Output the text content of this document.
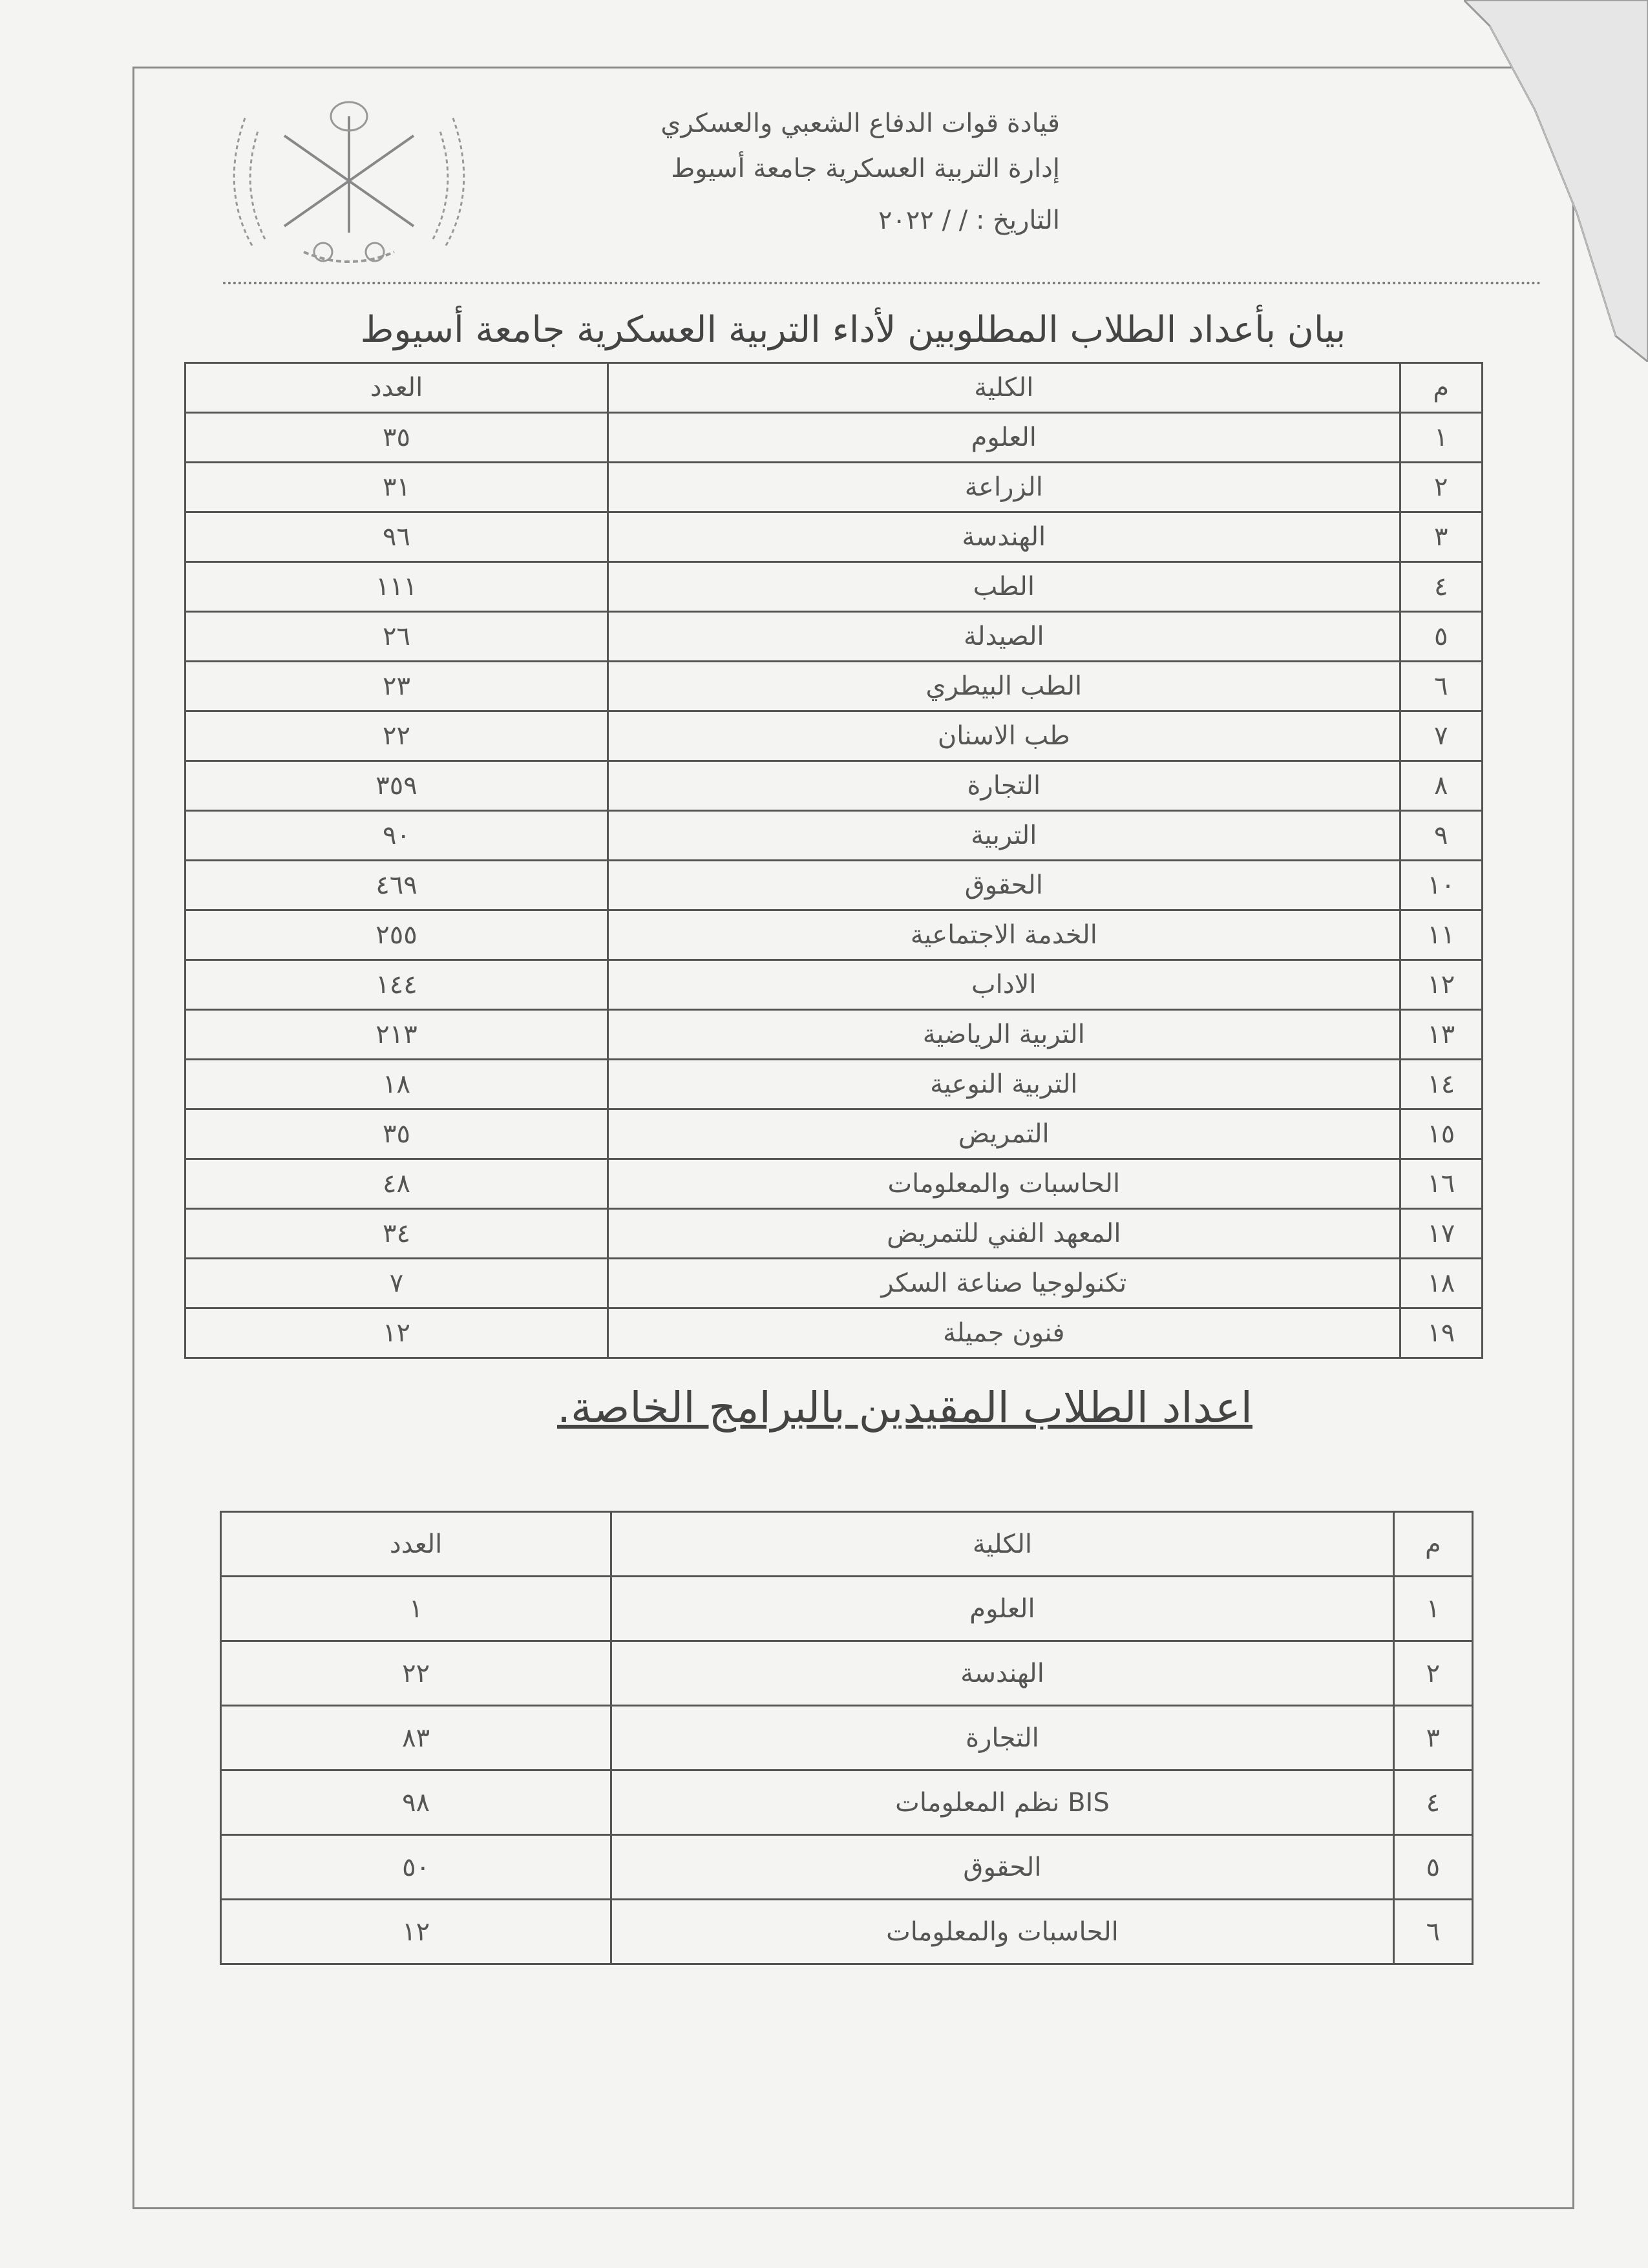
قيادة قوات الدفاع الشعبي والعسكري
إدارة التربية العسكرية جامعة أسيوط
التاريخ : / / ٢٠٢٢
بيان بأعداد الطلاب المطلوبين لأداء التربية العسكرية جامعة أسيوط
م	الكلية	العدد
١	العلوم	٣٥
٢	الزراعة	٣١
٣	الهندسة	٩٦
٤	الطب	١١١
٥	الصيدلة	٢٦
٦	الطب البيطري	٢٣
٧	طب الاسنان	٢٢
٨	التجارة	٣٥٩
٩	التربية	٩٠
١٠	الحقوق	٤٦٩
١١	الخدمة الاجتماعية	٢٥٥
١٢	الاداب	١٤٤
١٣	التربية الرياضية	٢١٣
١٤	التربية النوعية	١٨
١٥	التمريض	٣٥
١٦	الحاسبات والمعلومات	٤٨
١٧	المعهد الفني للتمريض	٣٤
١٨	تكنولوجيا صناعة السكر	٧
١٩	فنون جميلة	١٢
اعداد الطلاب المقيدين بالبرامج الخاصة.
م	الكلية	العدد
١	العلوم	١
٢	الهندسة	٢٢
٣	التجارة	٨٣
٤	BIS نظم المعلومات	٩٨
٥	الحقوق	٥٠
٦	الحاسبات والمعلومات	١٢
